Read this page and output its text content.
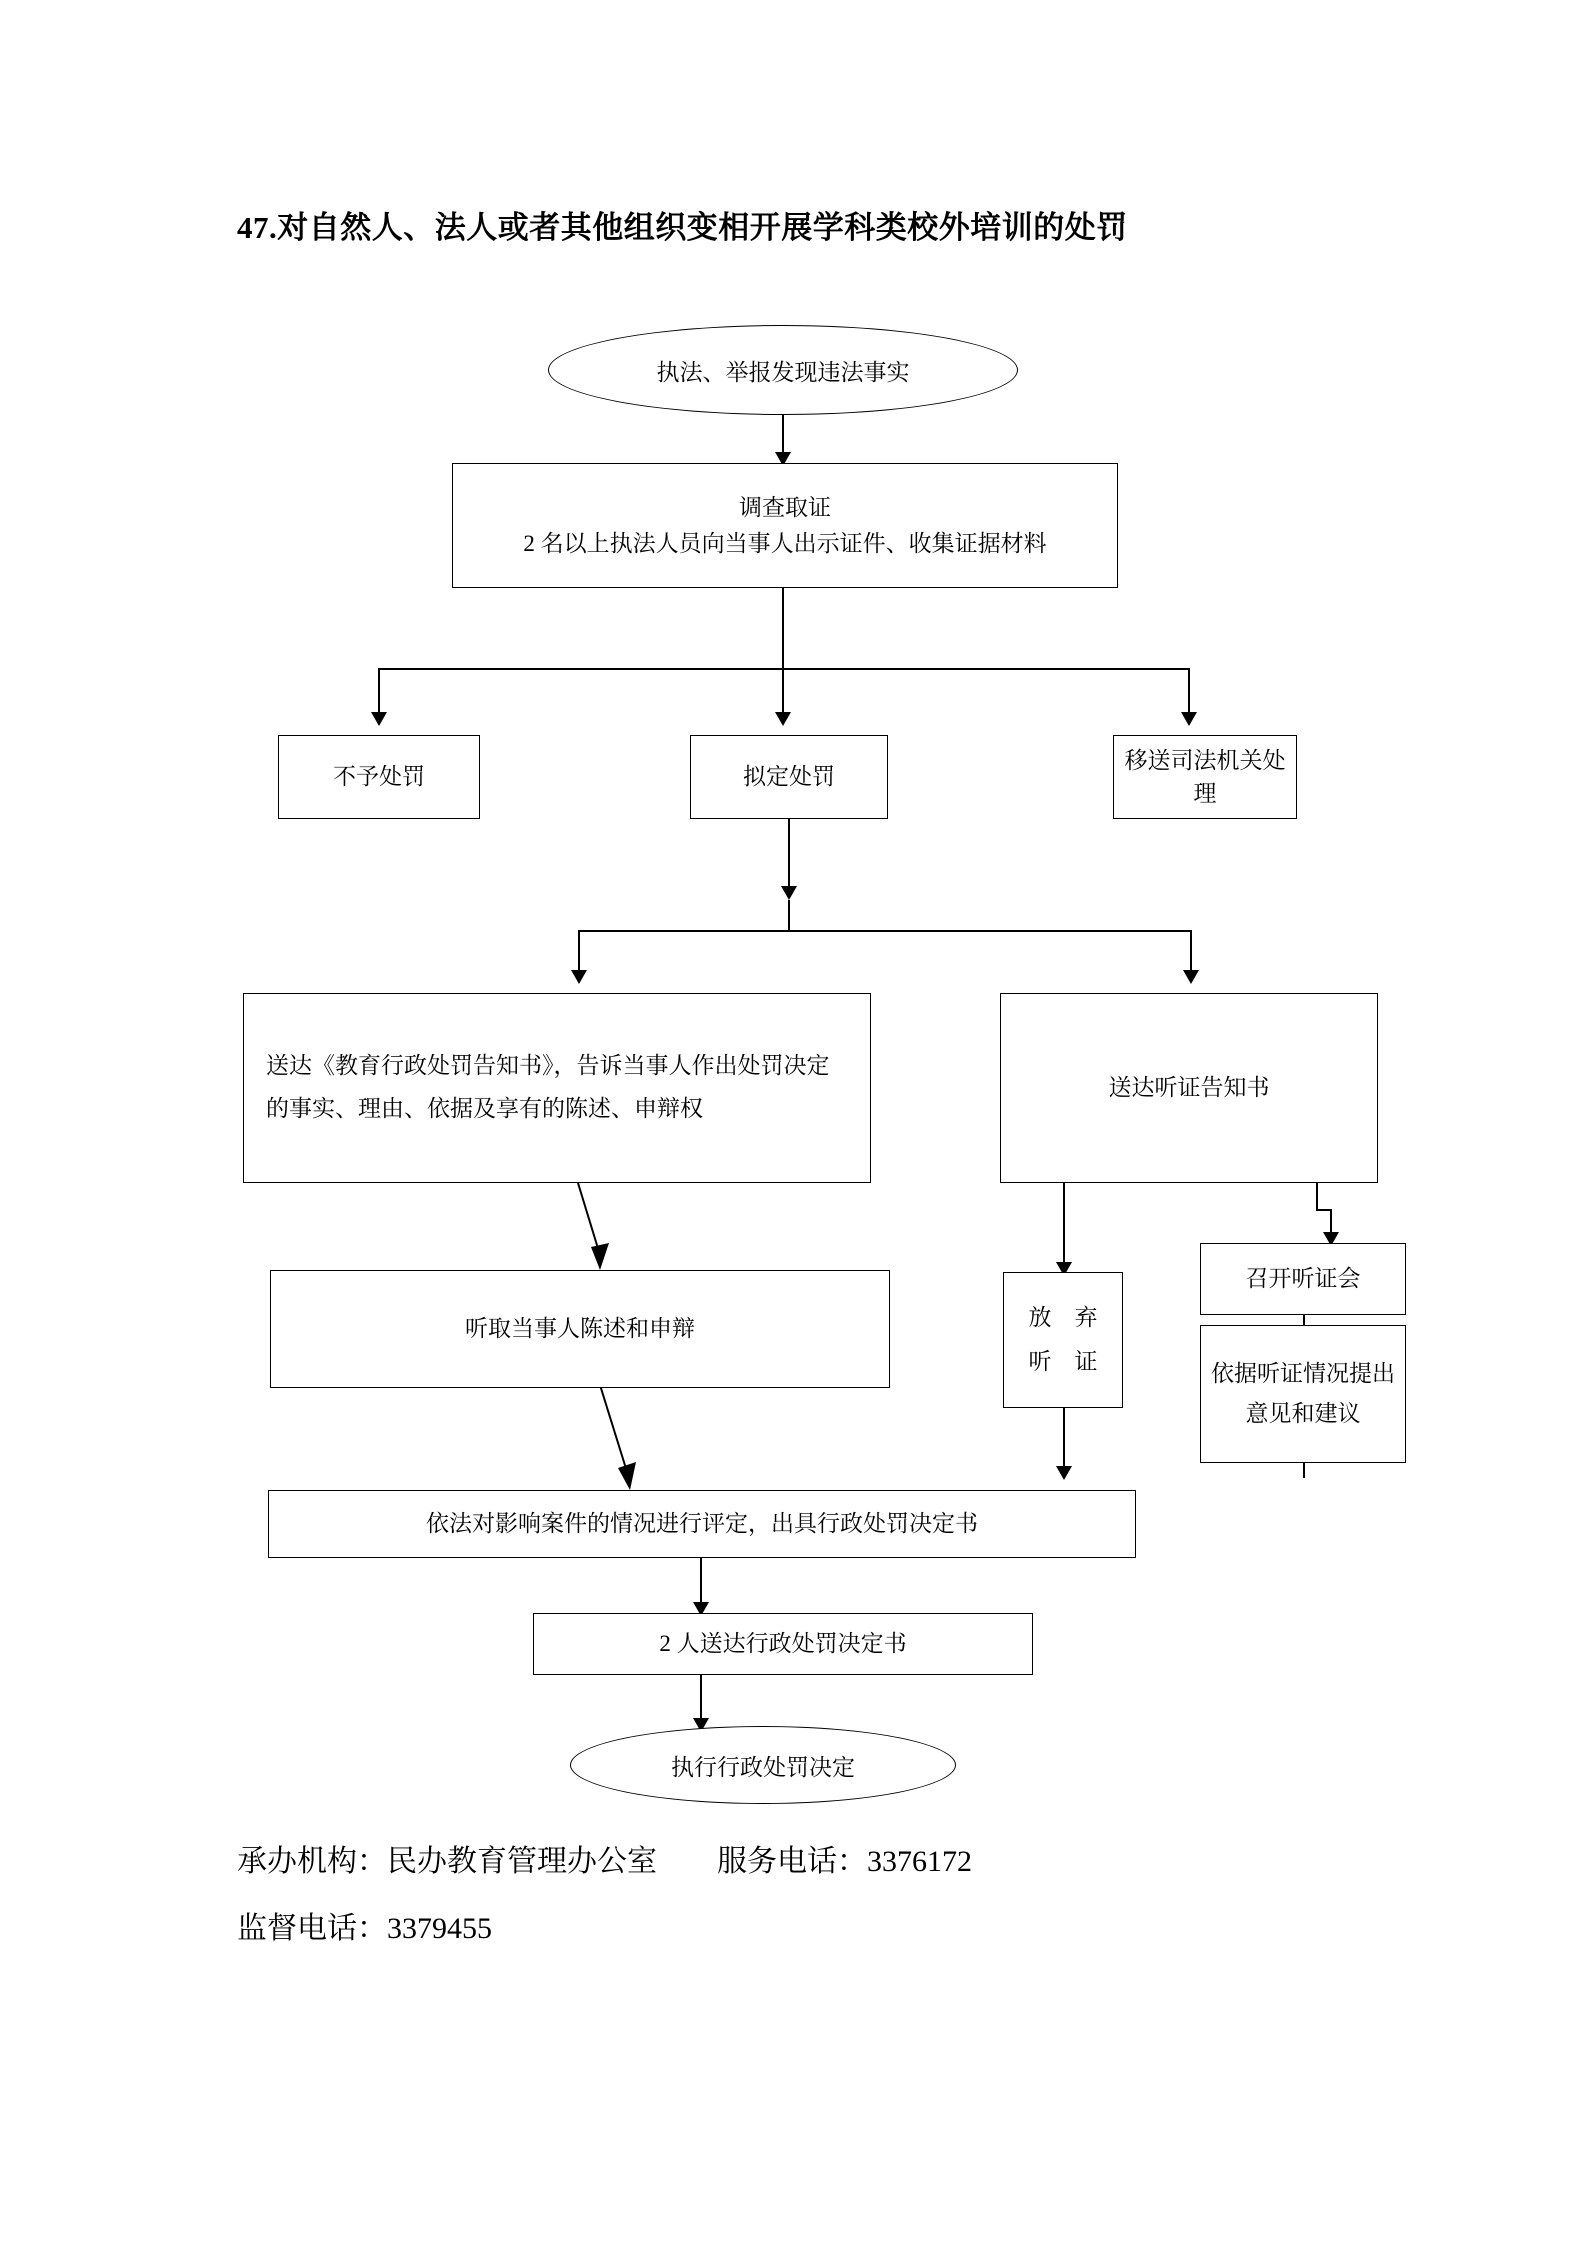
47.对自然人、法人或者其他组织变相开展学科类校外培训的处罚
执法、举报发现违法事实
调查取证
2 名以上执法人员向当事人出示证件、收集证据材料
不予处罚	拟定处罚
移送司法机关处理
送达《教育行政处罚告知书》，告诉当事人作出处罚决定的事实、理由、依据及享有的陈述、申辩权
送达听证告知书
放　弃
听　证
召开听证会
依据听证情况提出意见和建议
听取当事人陈述和申辩
依法对影响案件的情况进行评定，出具行政处罚决定书
2 人送达行政处罚决定书
执行行政处罚决定
承办机构：民办教育管理办公室　　服务电话：3376172
监督电话：3379455
